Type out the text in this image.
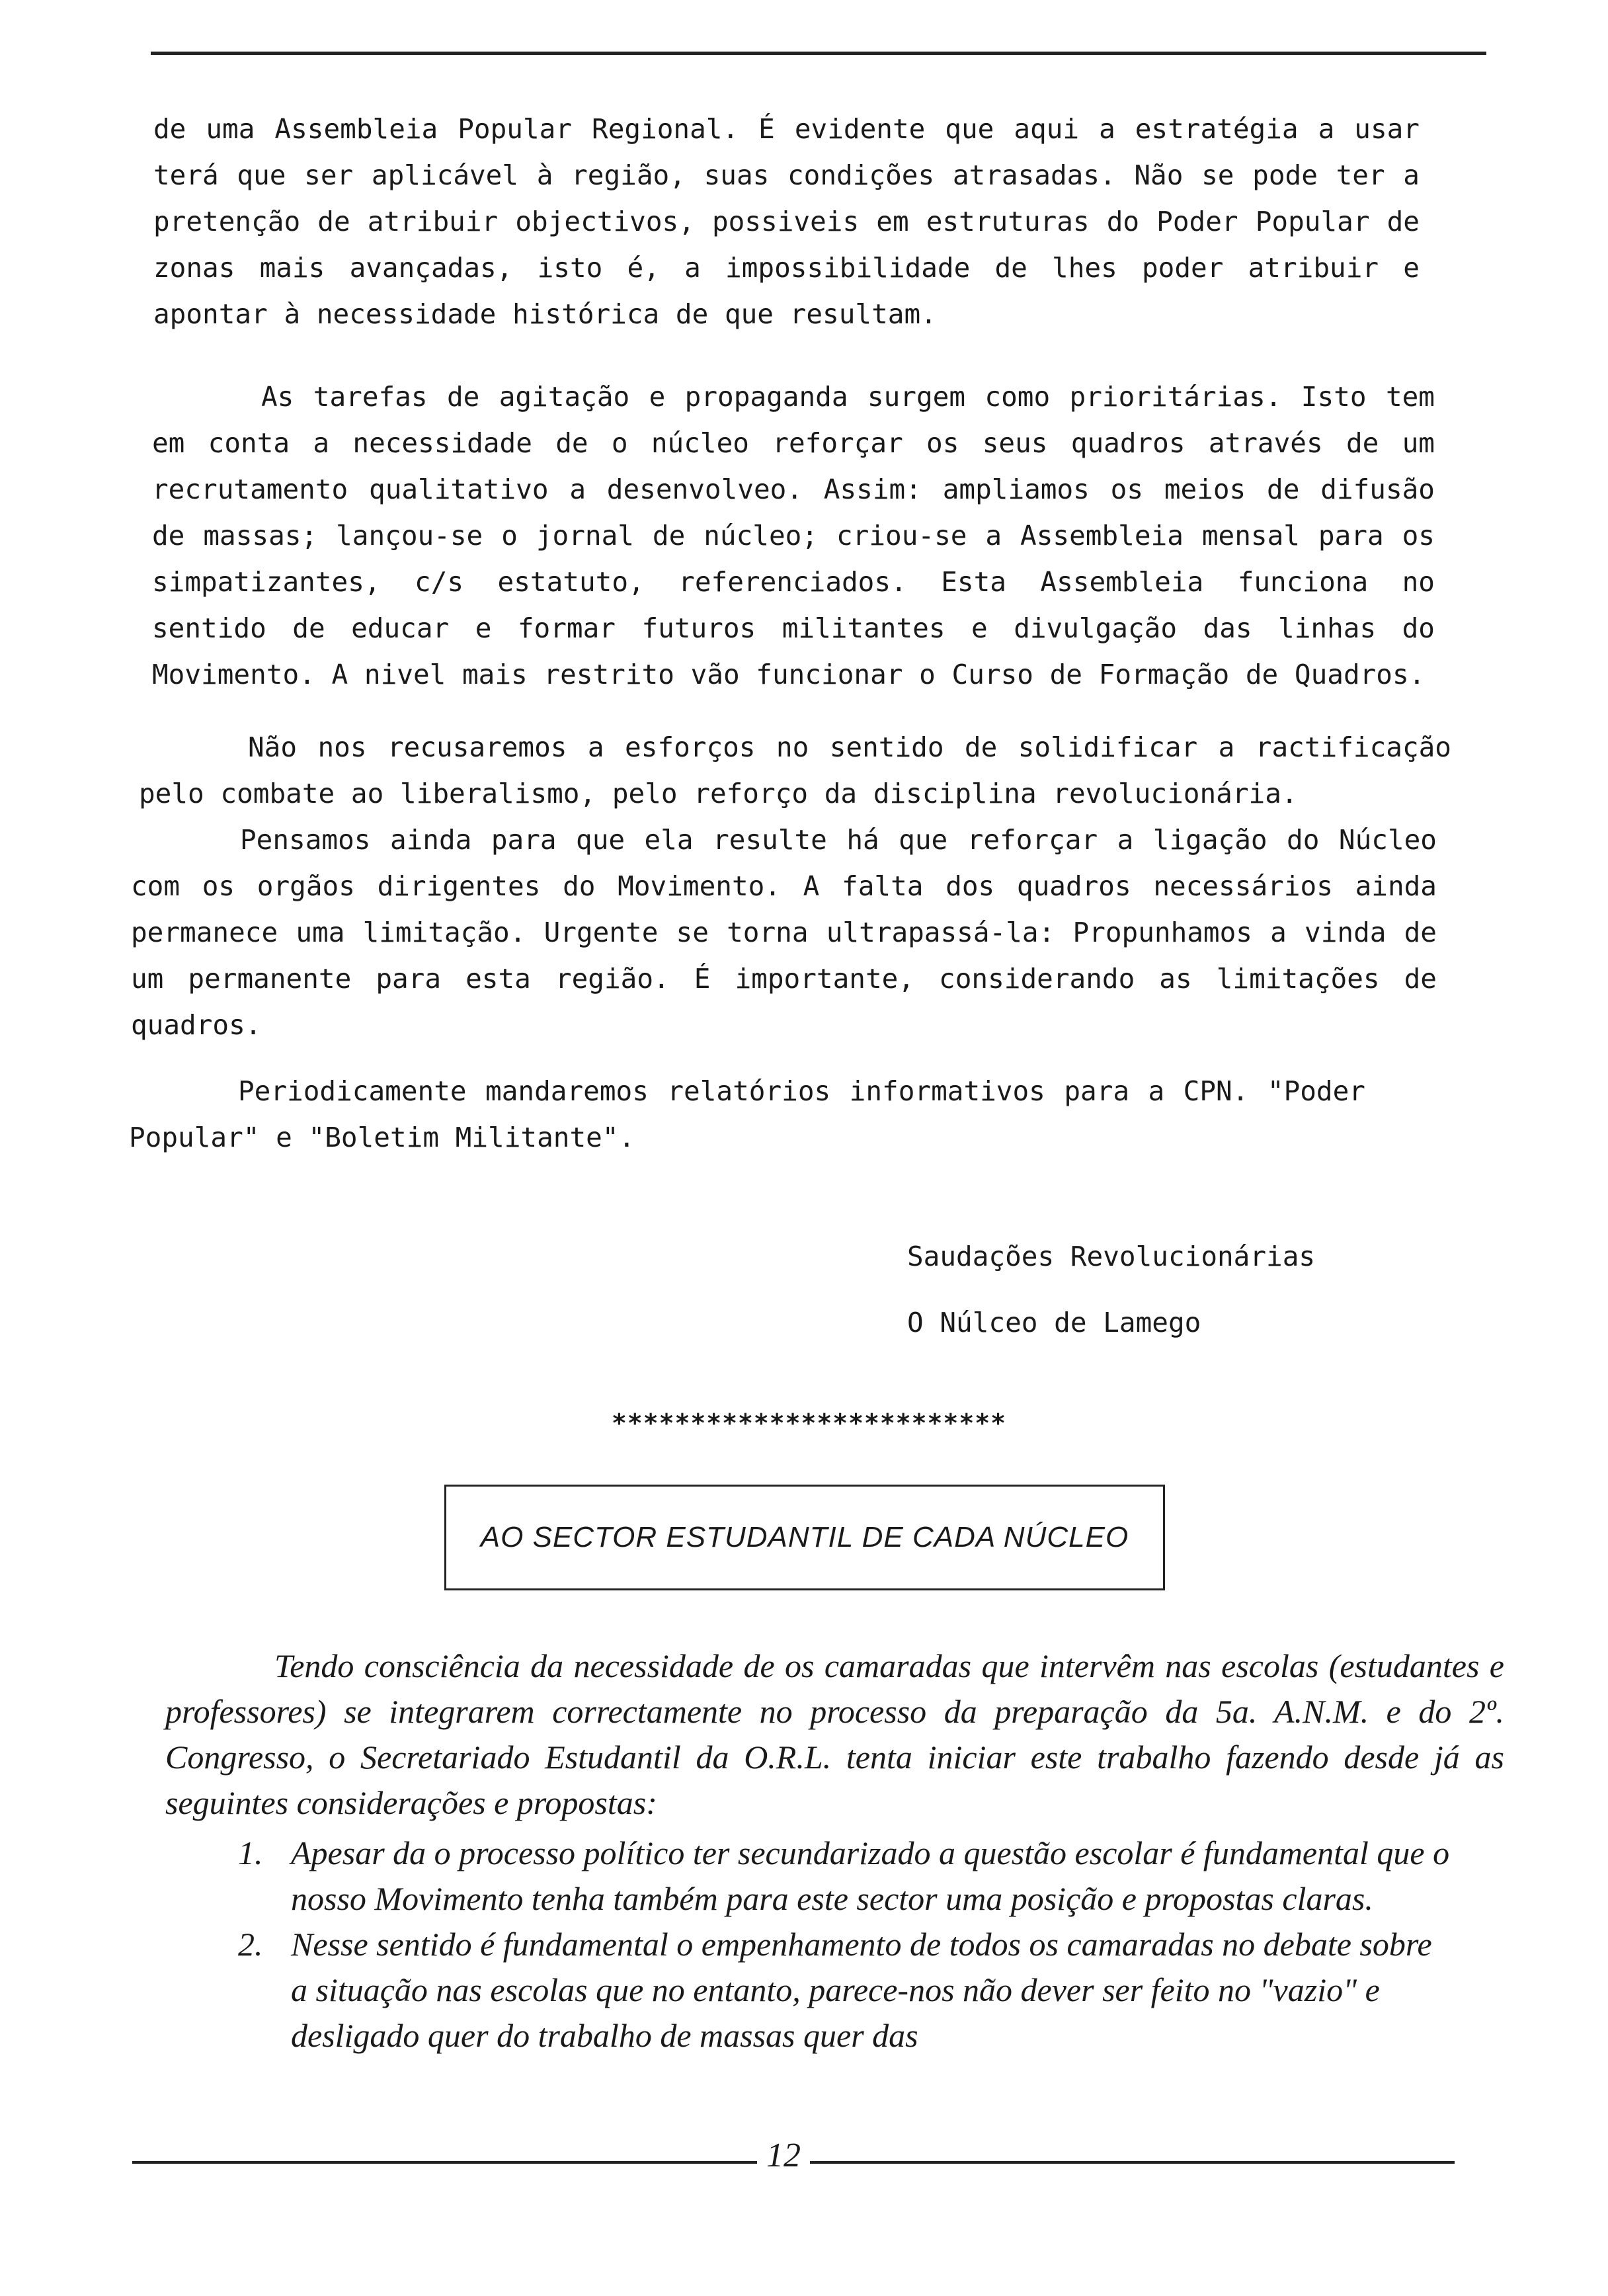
de uma Assembleia Popular Regional. É evidente que aqui a estratégia a usar terá que ser aplicável à região, suas condições atrasadas. Não se pode ter a pretenção de atribuir objectivos, possiveis em estruturas do Poder Popular de zonas mais avançadas, isto é, a impossibilidade de lhes poder atribuir e apontar à necessidade histórica de que resultam.

As tarefas de agitação e propaganda surgem como prioritárias. Isto tem em conta a necessidade de o núcleo reforçar os seus quadros através de um recrutamento qualitativo a desenvolveo. Assim: ampliamos os meios de difusão de massas; lançou-se o jornal de núcleo; criou-se a Assembleia mensal para os simpatizantes, c/s estatuto, referenciados. Esta Assembleia funciona no sentido de educar e formar futuros militantes e divulgação das linhas do Movimento. A nivel mais restrito vão funcionar o Curso de Formação de Quadros.

Não nos recusaremos a esforços no sentido de solidificar a ractificação pelo combate ao liberalismo, pelo reforço da disciplina revolucionária.

Pensamos ainda para que ela resulte há que reforçar a ligação do Núcleo com os orgãos dirigentes do Movimento. A falta dos quadros necessários ainda permanece uma limitação. Urgente se torna ultrapassá-la: Propunhamos a vinda de um permanente para esta região. É importante, considerando as limitações de quadros.

Periodicamente mandaremos relatórios informativos para a CPN. "Poder Popular" e "Boletim Militante".

Saudações Revolucionárias
O Núlceo de Lamego
*************************
AO SECTOR ESTUDANTIL DE CADA NÚCLEO

Tendo consciência da necessidade de os camaradas que intervêm nas escolas (estudantes e professores) se integrarem correctamente no processo da preparação da 5a. A.N.M. e do 2º. Congresso, o Secretariado Estudantil da O.R.L. tenta iniciar este trabalho fazendo desde já as seguintes considerações e propostas:

1. Apesar da o processo político ter secundarizado a questão escolar é fundamental que o nosso Movimento tenha também para este sector uma posição e propostas claras.
2. Nesse sentido é fundamental o empenhamento de todos os camaradas no debate sobre a situação nas escolas que no entanto, parece-nos não dever ser feito no "vazio" e desligado quer do trabalho de massas quer das
12
